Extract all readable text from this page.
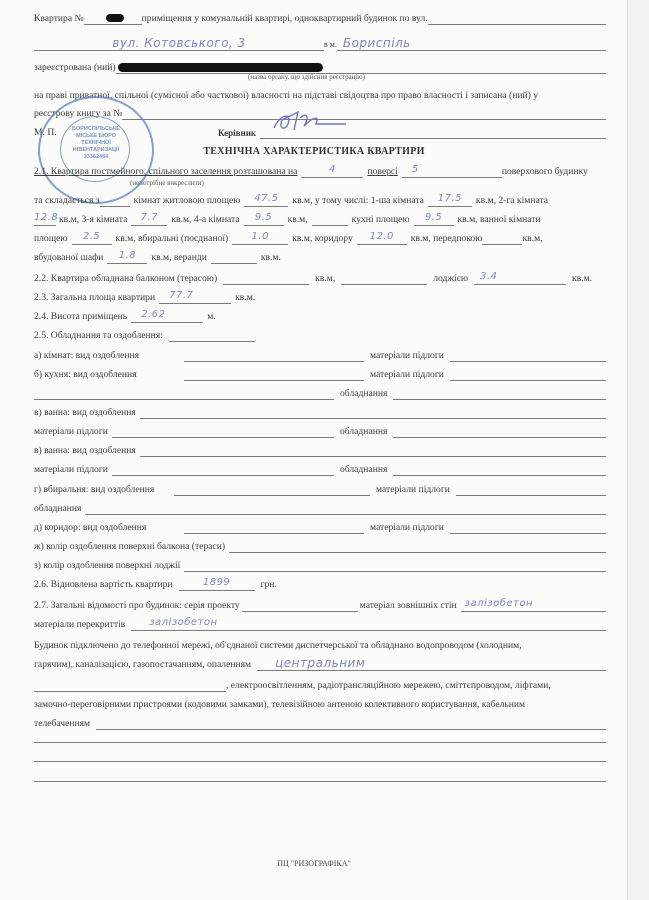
Квартира №	приміщення у комунальній квартирі, одноквартирний будинок по вул.
вул. Котовського, 3	в м. Бориспіль
зареєстрована (ний)
(назва органу, що здійснив реєстрацію)
на праві приватної, спільної (сумісної або часткової) власності на підставі свідоцтва про право власності і записана (ний) у
реєстрову книгу за №
М. П.	Керівник
ТЕХНІЧНА ХАРАКТЕРИСТИКА КВАРТИРИ
БОРИСПІЛЬСЬКЕ
МІСЬКЕ БЮРО
ТЕХНІЧНОЇ
ІНВЕНТАРИЗАЦІЇ
33362484
2.1. Квартира постмейного, спільного заселення розташована на	4	поверсі 5	поверхового будинку
(непотрібне викреслити)
та складається з	кімнат житловою площею	47.5	кв.м, у тому числі: 1-ша кімната	17.5	кв.м, 2-га кімната
12.8 кв.м, 3-я кімната	7.7	кв.м, 4-а кімната	9.5	кв.м,	кухні площею	9.5	кв.м, ванної кімнати
площею	2.5	кв.м, вбиральні (поєднаної)	1.0	кв.м, коридору	12.0	кв.м, передпокою	кв.м,
вбудованої шафи	1.8	кв.м, веранди	кв.м.
2.2. Квартира обладнана балконом (терасою)	кв.м,	лоджією 3.4	кв.м.
2.3. Загальна площа квартири 77.7	кв.м.
2.4. Висота приміщень 2.62	м.
2.5. Обладнання та оздоблення:
а) кімнат: вид оздоблення	матеріали підлоги
б) кухня: вид оздоблення	матеріали підлоги
обладнання
в) ванна: вид оздоблення
матеріали підлоги	обладнання
в) ванна: вид оздоблення
матеріали підлоги	обладнання
г) вбиральня: вид оздоблення	матеріали підлоги
обладнання
д) коридор: вид оздоблення	матеріали підлоги
ж) колір оздоблення поверхні балкона (тераси)
з) колір оздоблення поверхні лоджії
2.6. Відновлена вартість квартири	1899	грн.
2.7. Загальні відомості про будинок: серія проекту	матеріал зовнішніх стін залізобетон
матеріали перекриттів залізобетон
Будинок підключено до телефонної мережі, об'єднаної системи диспетчерської та обладнано водопроводом (холодним,
гарячим), каналізацією, газопостачанням, опаленням центральним
, електроосвітленням, радіотрансляційною мережею, сміттєпроводом, ліфтами,
замочно-переговірними пристроями (кодовими замками), телевізійною антеною колективного користування, кабельним
телебаченням
ПЦ "РИЗОГРАФІКА"
